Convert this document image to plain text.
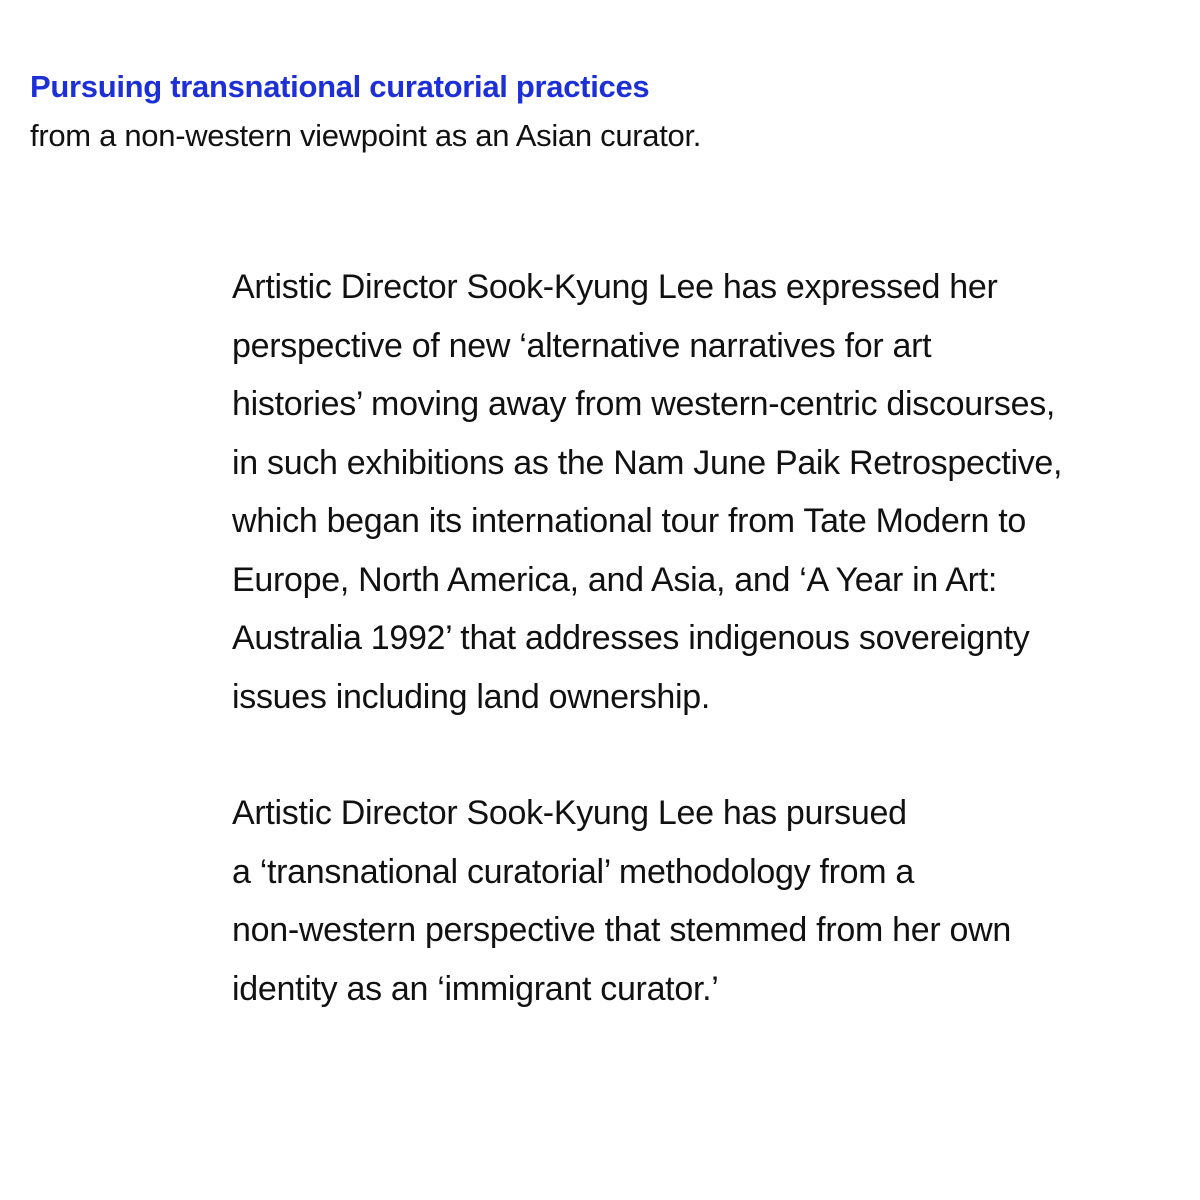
Pursuing transnational curatorial practices

from a non-western viewpoint as an Asian curator.

Artistic Director Sook-Kyung Lee has expressed her
perspective of new ‘alternative narratives for art
histories’ moving away from western-centric discourses,
in such exhibitions as the Nam June Paik Retrospective,
which began its international tour from Tate Modern to
Europe, North America, and Asia, and ‘A Year in Art:
Australia 1992’ that addresses indigenous sovereignty
issues including land ownership.

Artistic Director Sook-Kyung Lee has pursued
a ‘transnational curatorial’ methodology from a
non-western perspective that stemmed from her own
identity as an ‘immigrant curator.’
